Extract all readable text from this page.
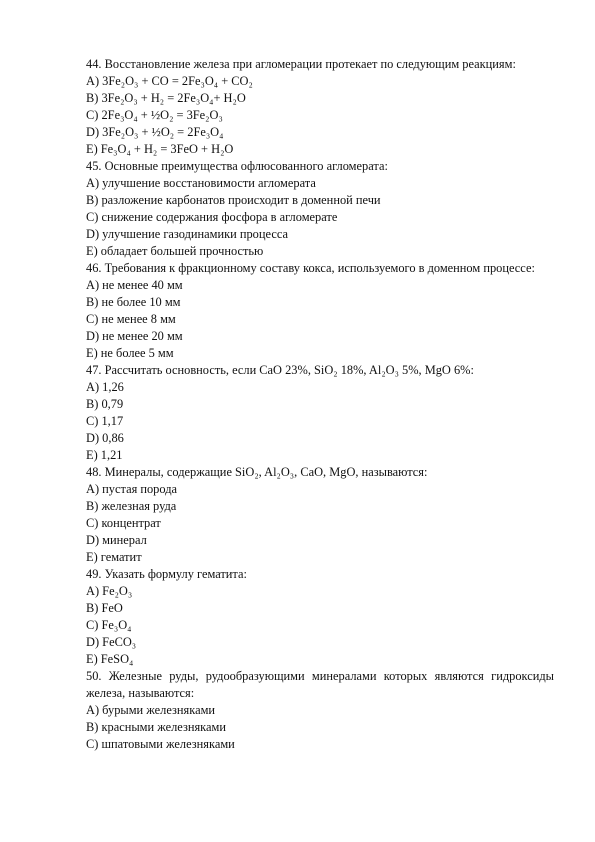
44. Восстановление железа при агломерации протекает по следующим реакциям:

A) 3Fe₂O₃ + CO = 2Fe₃O₄ + CO₂
B) 3Fe₂O₃ + H₂ = 2Fe₃O₄+ H₂O
C) 2Fe₃O₄ + ½O₂ = 3Fe₂O₃
D) 3Fe₂O₃ + ½O₂ = 2Fe₃O₄
E) Fe₃O₄ + H₂ = 3FeO + H₂O

45. Основные преимущества офлюсованного агломерата:

A) улучшение восстановимости агломерата
B) разложение карбонатов происходит в доменной печи
C) снижение содержания фосфора в агломерате
D) улучшение газодинамики процесса
E) обладает большей прочностью

46. Требования к фракционному составу кокса, используемого в доменном процессе:

A) не менее 40 мм
B) не более 10 мм
C) не менее 8 мм
D) не менее 20 мм
E) не более 5 мм

47. Рассчитать основность, если CaO 23%, SiO₂ 18%, Al₂O₃ 5%, MgO 6%:

A) 1,26
B) 0,79
C) 1,17
D) 0,86
E) 1,21

48. Минералы, содержащие SiO₂, Al₂O₃, CaO, MgO, называются:

A) пустая порода
B) железная руда
C) концентрат
D) минерал
E) гематит

49. Указать формулу гематита:

A) Fe₂O₃
B) FeO
C) Fe₃O₄
D) FeCO₃
E) FeSO₄

50. Железные руды, рудообразующими минералами которых являются гидроксиды железа, называются:

A) бурыми железняками
B) красными железняками
C) шпатовыми железняками
